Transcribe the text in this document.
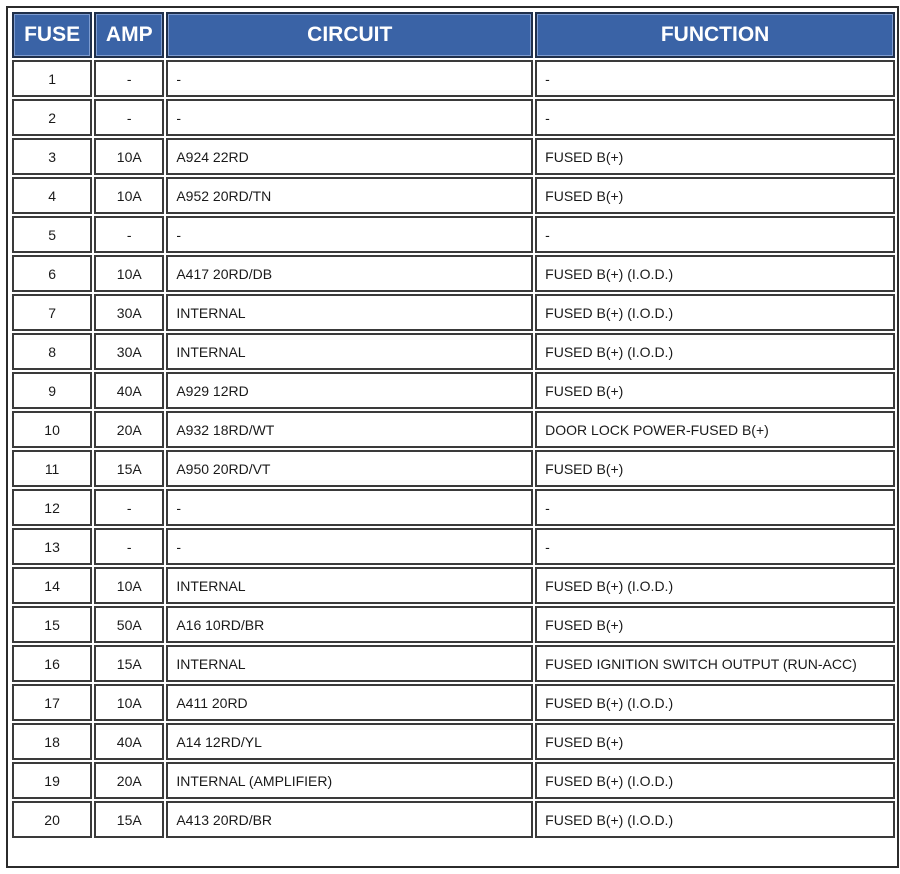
FUSE	AMP	CIRCUIT	FUNCTION
1	-	-	-
2	-	-	-
3	10A	A924 22RD	FUSED B(+)
4	10A	A952 20RD/TN	FUSED B(+)
5	-	-	-
6	10A	A417 20RD/DB	FUSED B(+) (I.O.D.)
7	30A	INTERNAL	FUSED B(+) (I.O.D.)
8	30A	INTERNAL	FUSED B(+) (I.O.D.)
9	40A	A929 12RD	FUSED B(+)
10	20A	A932 18RD/WT	DOOR LOCK POWER-FUSED B(+)
11	15A	A950 20RD/VT	FUSED B(+)
12	-	-	-
13	-	-	-
14	10A	INTERNAL	FUSED B(+) (I.O.D.)
15	50A	A16 10RD/BR	FUSED B(+)
16	15A	INTERNAL	FUSED IGNITION SWITCH OUTPUT (RUN-ACC)
17	10A	A411 20RD	FUSED B(+) (I.O.D.)
18	40A	A14 12RD/YL	FUSED B(+)
19	20A	INTERNAL (AMPLIFIER)	FUSED B(+) (I.O.D.)
20	15A	A413 20RD/BR	FUSED B(+) (I.O.D.)
